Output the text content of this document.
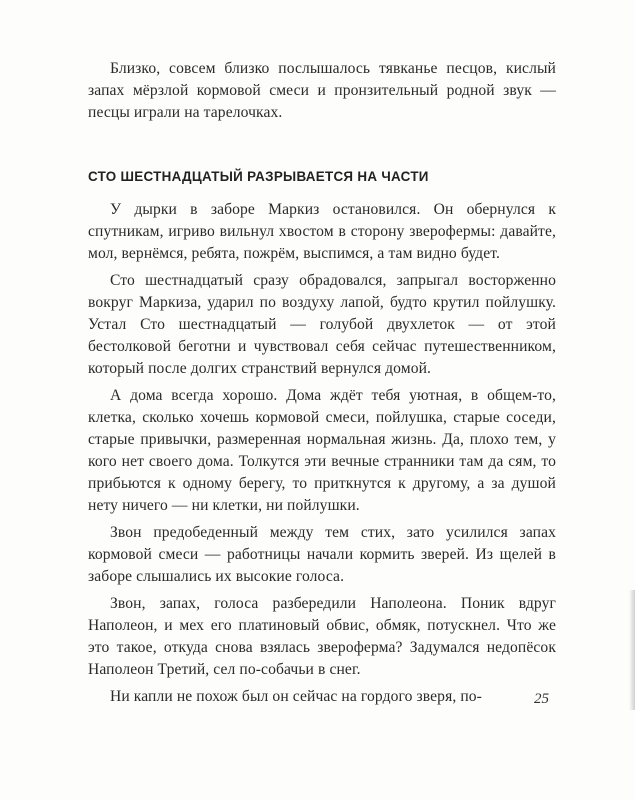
Близко, совсем близко послышалось тявканье песцов, кислый запах мёрзлой кормовой смеси и пронзительный родной звук — песцы играли на тарелочках.

СТО ШЕСТНАДЦАТЫЙ РАЗРЫВАЕТСЯ НА ЧАСТИ

У дырки в заборе Маркиз остановился. Он обернулся к спутникам, игриво вильнул хвостом в сторону зверофермы: давайте, мол, вернёмся, ребята, пожрём, выспимся, а там видно будет.

Сто шестнадцатый сразу обрадовался, запрыгал восторженно вокруг Маркиза, ударил по воздуху лапой, будто крутил пойлушку. Устал Сто шестнадцатый — голубой двухлеток — от этой бестолковой беготни и чувствовал себя сейчас путешественником, который после долгих странствий вернулся домой.

А дома всегда хорошо. Дома ждёт тебя уютная, в общем-то, клетка, сколько хочешь кормовой смеси, пойлушка, старые соседи, старые привычки, размеренная нормальная жизнь. Да, плохо тем, у кого нет своего дома. Толкутся эти вечные странники там да сям, то прибьются к одному берегу, то приткнутся к другому, а за душой нету ничего — ни клетки, ни пойлушки.

Звон предобеденный между тем стих, зато усилился запах кормовой смеси — работницы начали кормить зверей. Из щелей в заборе слышались их высокие голоса.

Звон, запах, голоса разбередили Наполеона. Поник вдруг Наполеон, и мех его платиновый обвис, обмяк, потускнел. Что же это такое, откуда снова взялась звероферма? Задумался недопёсок Наполеон Третий, сел по-собачьи в снег.

Ни капли не похож был он сейчас на гордого зверя, по-	25
